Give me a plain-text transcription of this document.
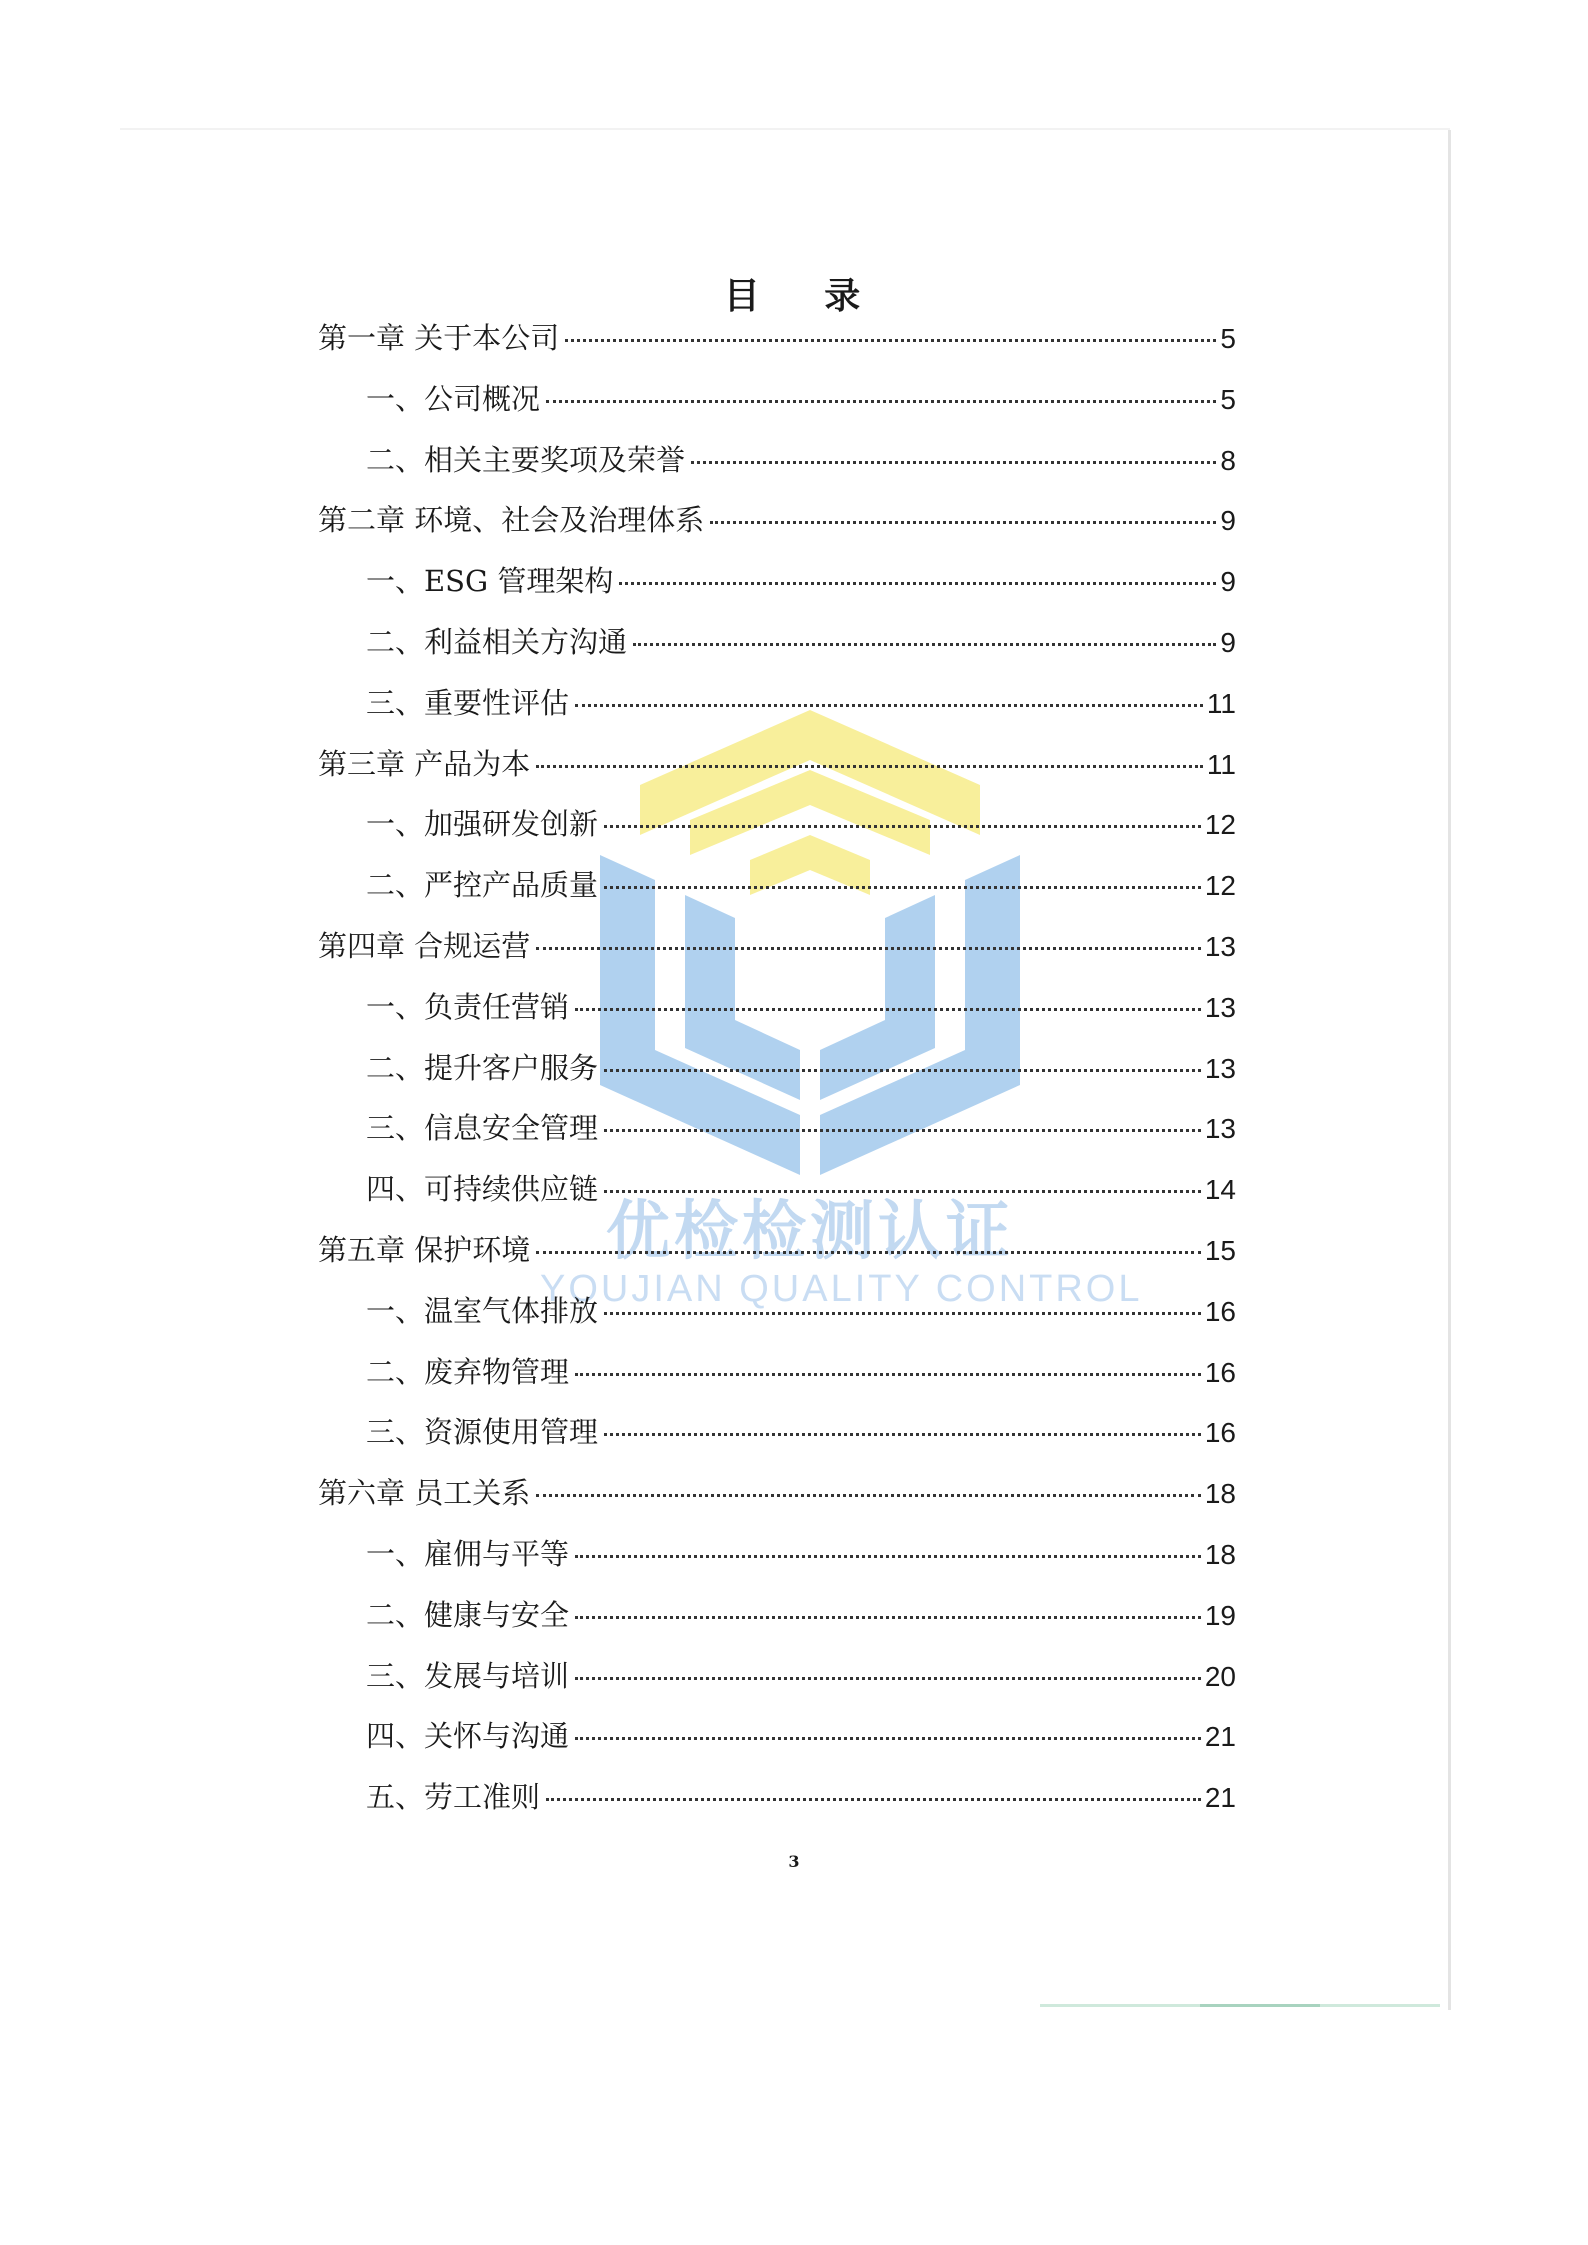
优检检测认证
YOUJIAN QUALITY CONTROL
目 录
第一章 关于本公司	5
一、公司概况	5
二、相关主要奖项及荣誉	8
第二章 环境、社会及治理体系	9
一、ESG 管理架构	9
二、利益相关方沟通	9
三、重要性评估	11
第三章 产品为本	11
一、加强研发创新	12
二、严控产品质量	12
第四章 合规运营	13
一、负责任营销	13
二、提升客户服务	13
三、信息安全管理	13
四、可持续供应链	14
第五章 保护环境	15
一、温室气体排放	16
二、废弃物管理	16
三、资源使用管理	16
第六章 员工关系	18
一、雇佣与平等	18
二、健康与安全	19
三、发展与培训	20
四、关怀与沟通	21
五、劳工准则	21
3
